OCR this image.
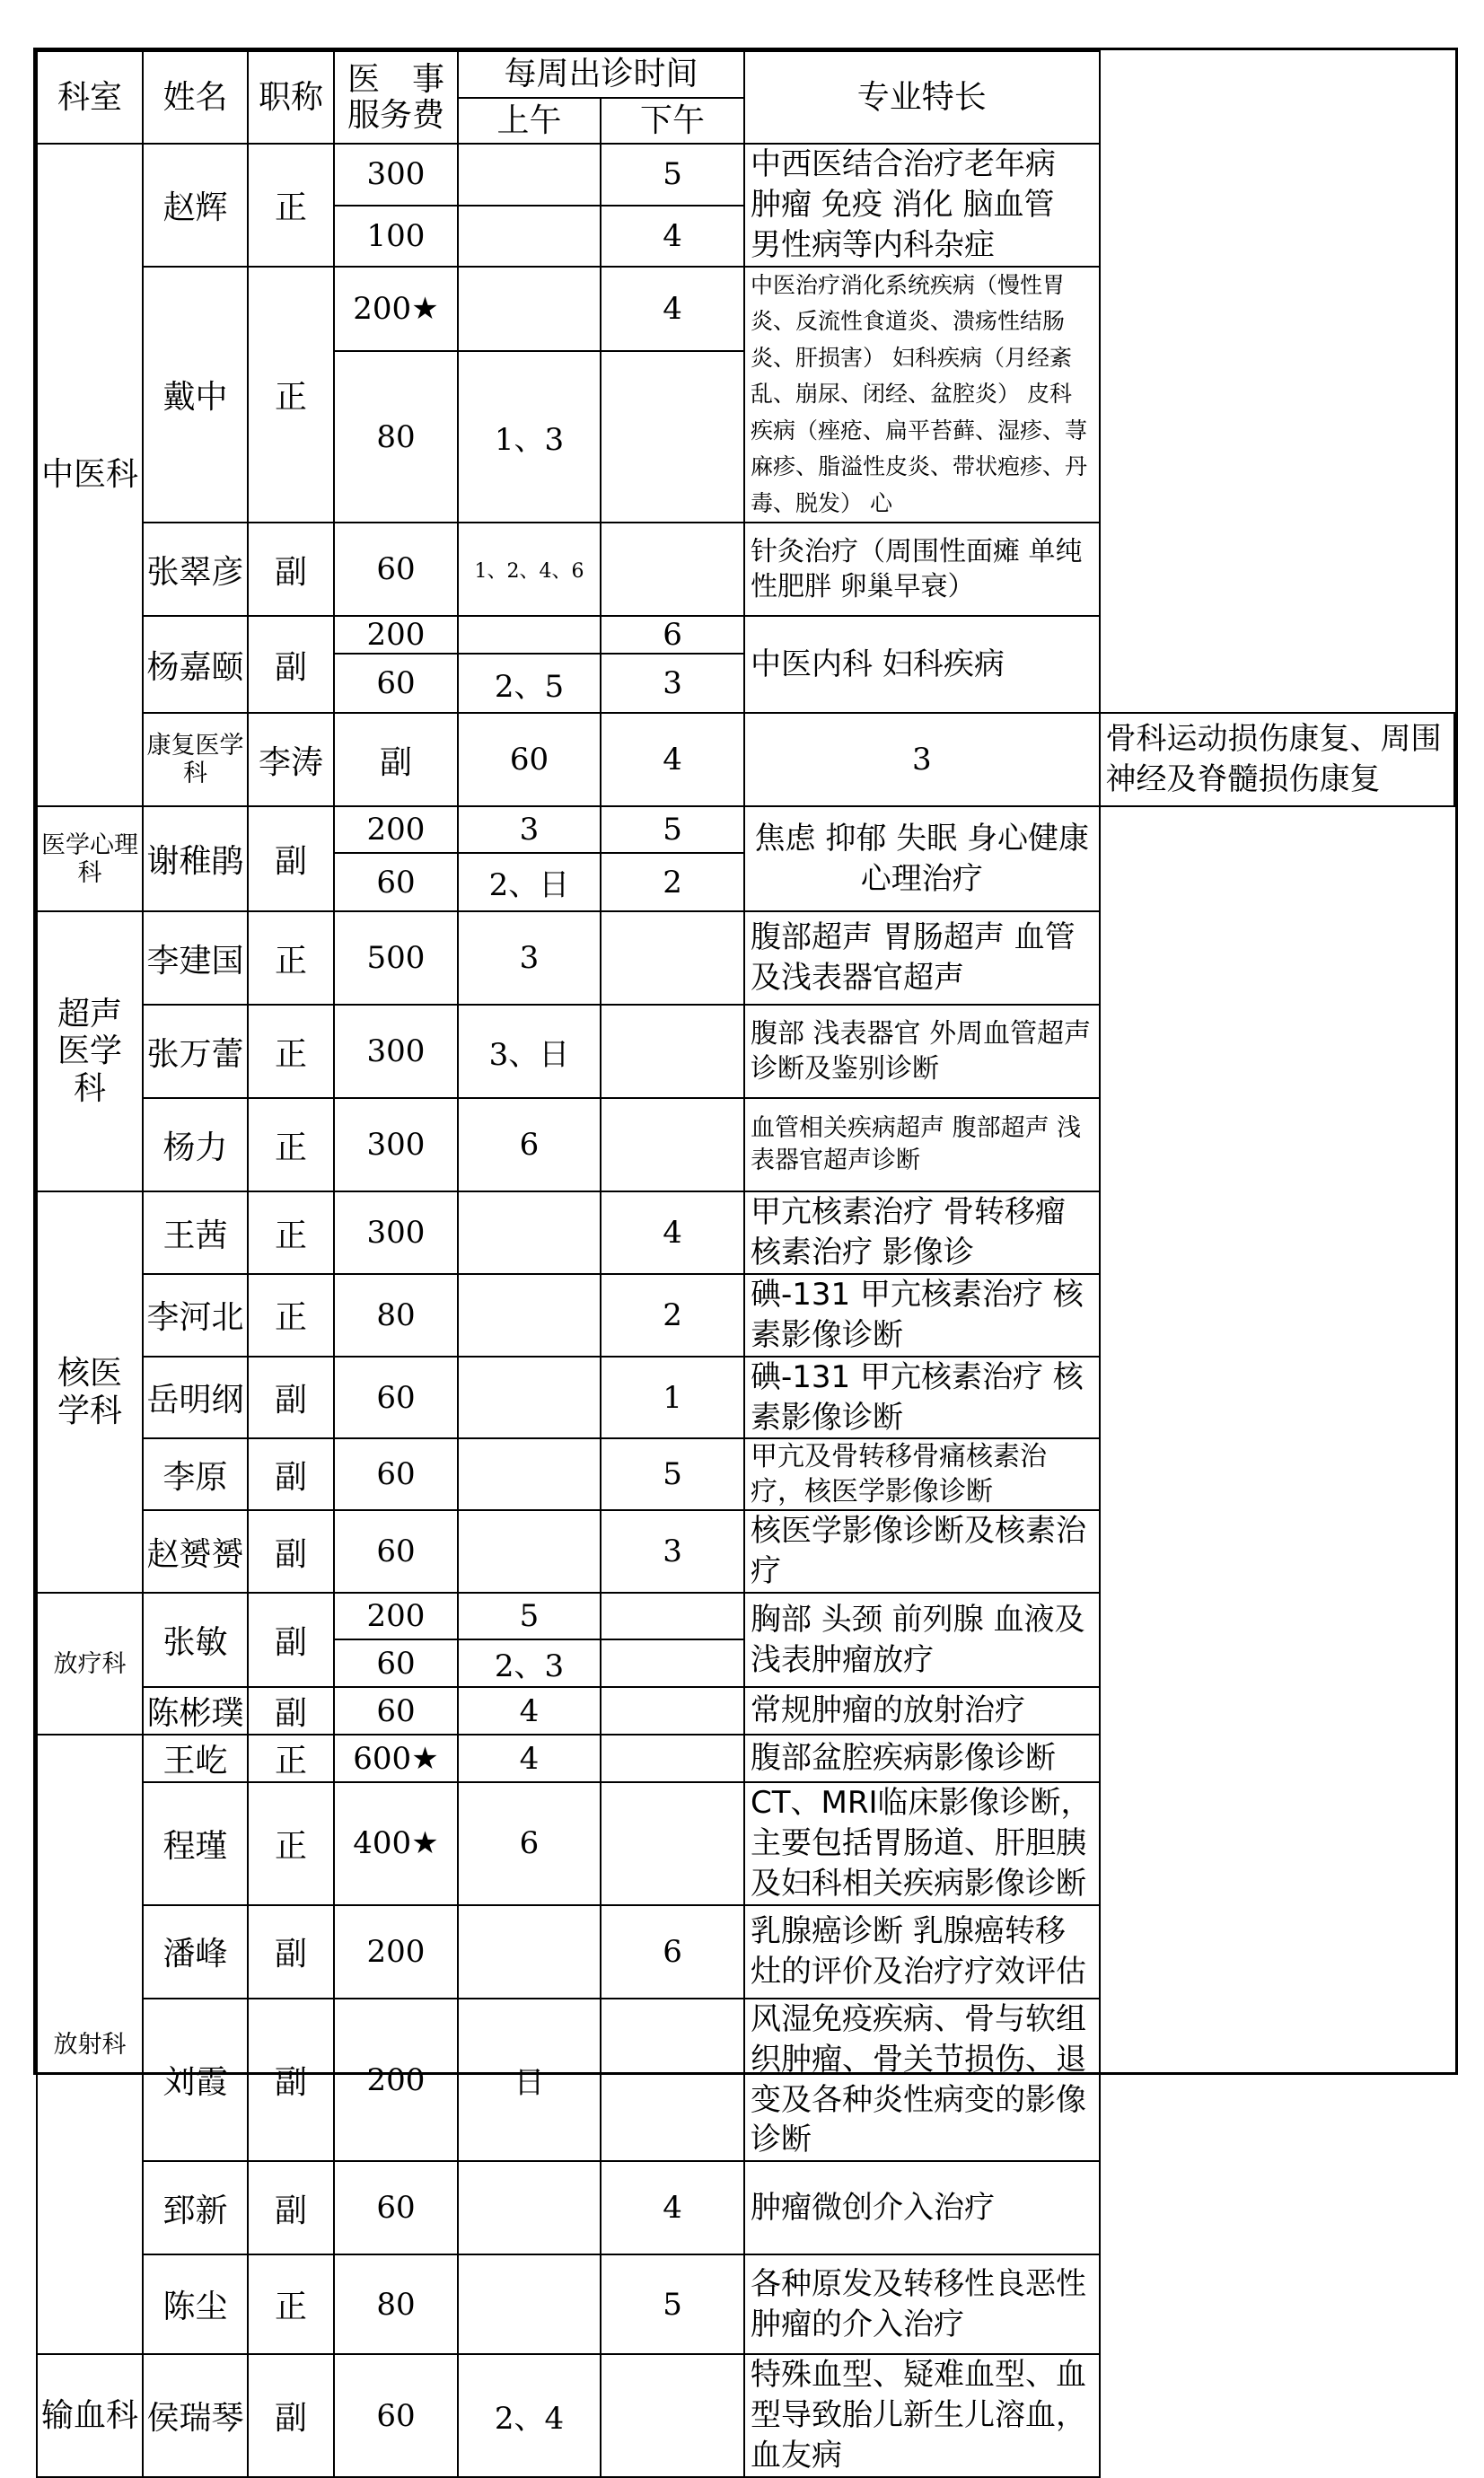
科室	姓名	职称	医　事
服务费	每周出诊时间		专业特长	
				上午	下午		
中医科	赵辉	正	300		5	中西医结合治疗老年病 肿瘤 免疫 消化 脑血管 男性病等内科杂症	
			100		4		
	戴中	正	200★		4	中医治疗消化系统疾病（慢性胃炎、反流性食道炎、溃疡性结肠炎、肝损害） 妇科疾病（月经紊乱、崩尿、闭经、盆腔炎） 皮科疾病（痤疮、扁平苔藓、湿疹、荨麻疹、脂溢性皮炎、带状疱疹、丹毒、脱发） 心	
			80	1、3			
	张翠彦	副	60	1、2、4、6		针灸治疗（周围性面瘫 单纯性肥胖 卵巢早衰）	
	杨嘉颐	副	200		6	中医内科 妇科疾病	
			60	2、5	3		
	康复医学科	李涛	副	60	4	3	骨科运动损伤康复、周围神经及脊髓损伤康复
医学心理科	谢稚鹃	副	200	3	5	焦虑 抑郁 失眠 身心健康 心理治疗	
			60	2、日	2		

超声医学科	李建国	正	500	3		腹部超声 胃肠超声 血管及浅表器官超声	
	张万蕾	正	300	3、日		腹部 浅表器官 外周血管超声诊断及鉴别诊断	
	杨力	正	300	6		血管相关疾病超声 腹部超声 浅表器官超声诊断	

核医学科	王茜	正	300		4	甲亢核素治疗 骨转移瘤核素治疗 影像诊	
	李河北	正	80		2	碘-131 甲亢核素治疗 核素影像诊断	
	岳明纲	副	60		1	碘-131 甲亢核素治疗 核素影像诊断	
	李原	副	60		5	甲亢及骨转移骨痛核素治疗，核医学影像诊断	
	赵赟赟	副	60		3	核医学影像诊断及核素治疗	
放疗科	张敏	副	200	5		胸部 头颈 前列腺 血液及浅表肿瘤放疗	
			60	2、3			
	陈彬璞	副	60	4		常规肿瘤的放射治疗	
放射科	王屹	正	600★	4		腹部盆腔疾病影像诊断	
	程瑾	正	400★	6		CT、MRI临床影像诊断，主要包括胃肠道、肝胆胰及妇科相关疾病影像诊断	
	潘峰	副	200		6	乳腺癌诊断 乳腺癌转移灶的评价及治疗疗效评估	
	刘霞	副	200	日		风湿免疫疾病、骨与软组织肿瘤、骨关节损伤、退变及各种炎性病变的影像诊断	
	郅新	副	60		4	肿瘤微创介入治疗	
	陈尘	正	80		5	各种原发及转移性良恶性肿瘤的介入治疗	
输血科	侯瑞琴	副	60	2、4		特殊血型、疑难血型、血型导致胎儿新生儿溶血，血友病	
